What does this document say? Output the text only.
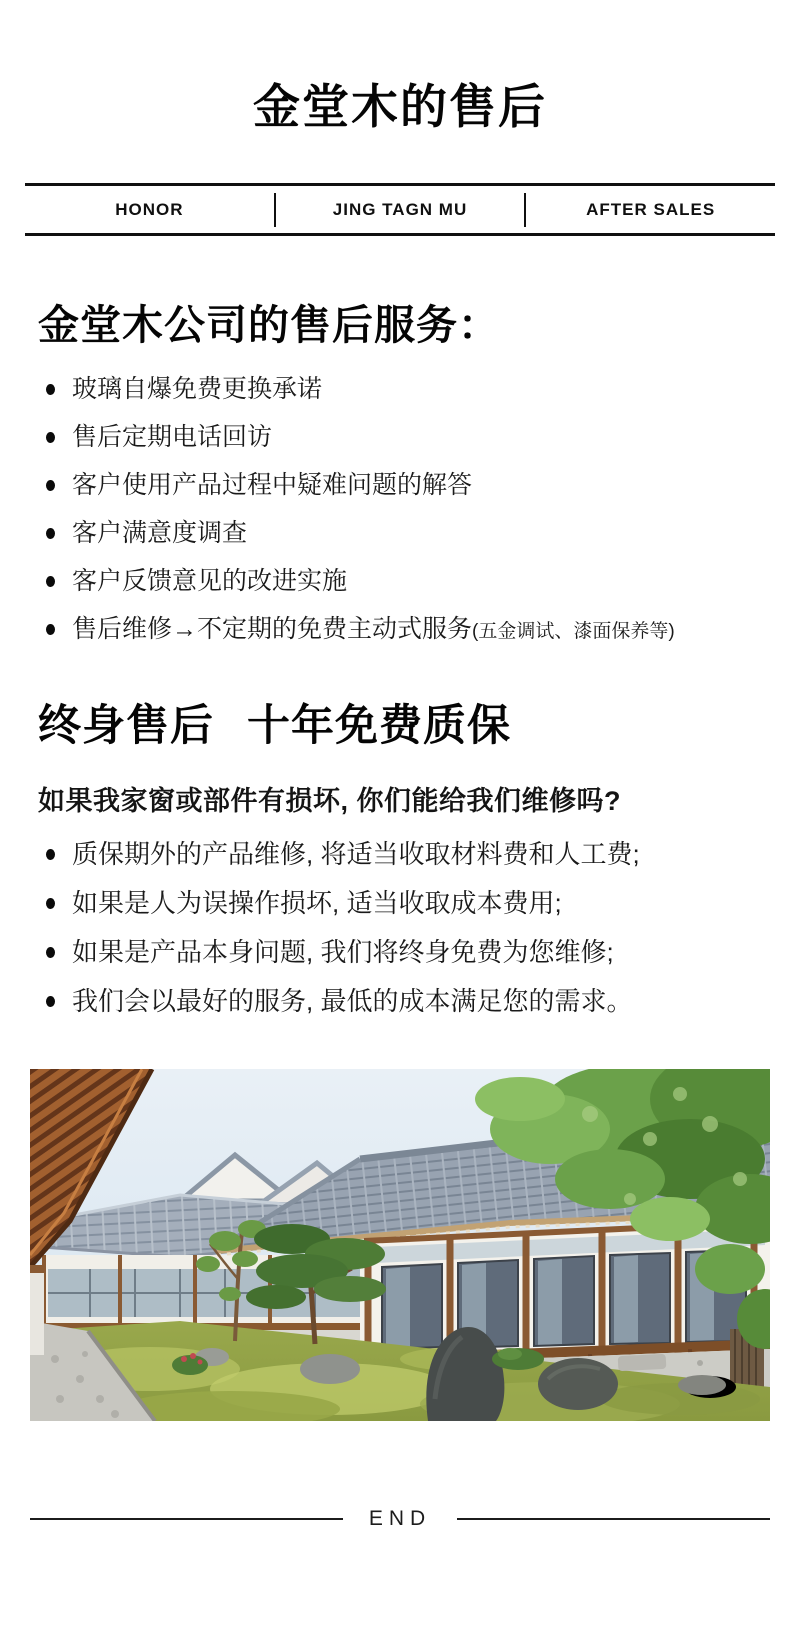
金堂木的售后
HONOR	JING TAGN MU	AFTER SALES
金堂木公司的售后服务：
玻璃自爆免费更换承诺
售后定期电话回访
客户使用产品过程中疑难问题的解答
客户满意度调查
客户反馈意见的改进实施
售后维修→不定期的免费主动式服务(五金调试、漆面保养等)
终身售后 十年免费质保
如果我家窗或部件有损坏, 你们能给我们维修吗?
质保期外的产品维修, 将适当收取材料费和人工费;
如果是人为误操作损坏, 适当收取成本费用;
如果是产品本身问题, 我们将终身免费为您维修;
我们会以最好的服务, 最低的成本满足您的需求。
END
